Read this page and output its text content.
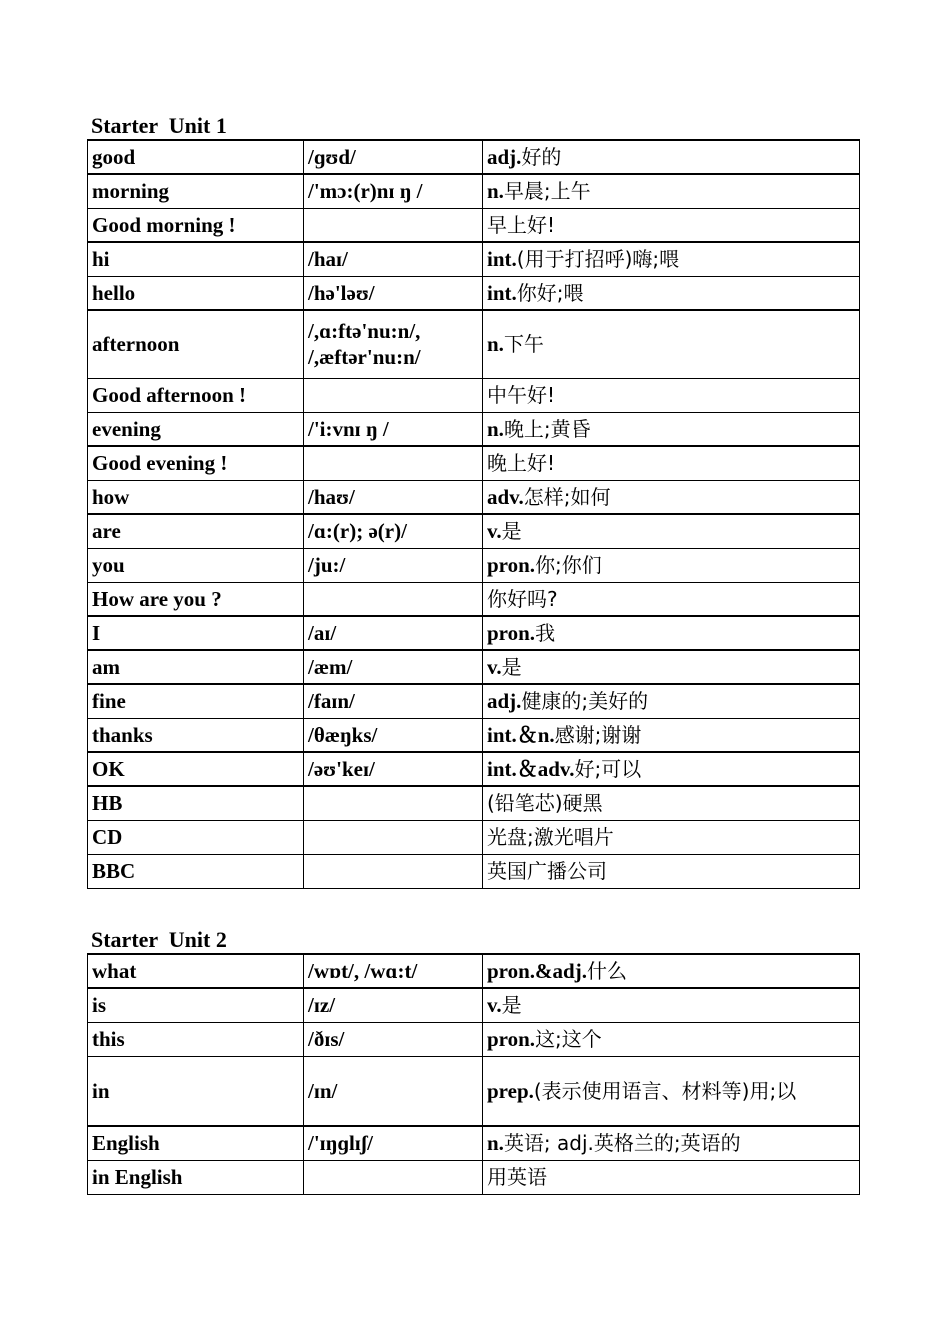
Starter  Unit 1
good	/ɡʊd/	adj.好的
morning	/'mɔ:(r)nɪ ŋ /	n.早晨;上午
Good morning !		早上好!
hi	/haɪ/	int.(用于打招呼)嗨;喂
hello	/hə'ləʊ/	int.你好;喂
afternoon	/,ɑ:ftə'nu:n/, /,æftər'nu:n/	n.下午
Good afternoon !		中午好!
evening	/'i:vnɪ ŋ /	n.晚上;黄昏
Good evening !		晚上好!
how	/haʊ/	adv.怎样;如何
are	/ɑ:(r); ə(r)/	v.是
you	/ju:/	pron.你;你们
How are you ?		你好吗?
I	/aɪ/	pron.我
am	/æm/	v.是
fine	/faɪn/	adj.健康的;美好的
thanks	/θæŋks/	int.＆n.感谢;谢谢
OK	/əʊ'keɪ/	int.＆adv.好;可以
HB		(铅笔芯)硬黑
CD		光盘;激光唱片
BBC		英国广播公司
Starter  Unit 2
what	/wɒt/, /wɑ:t/	pron.&adj.什么
is	/ɪz/	v.是
this	/ðɪs/	pron.这;这个
in	/ɪn/	prep.(表示使用语言、材料等)用;以
English	/'ɪŋɡlɪʃ/	n.英语; adj.英格兰的;英语的
in English		用英语
